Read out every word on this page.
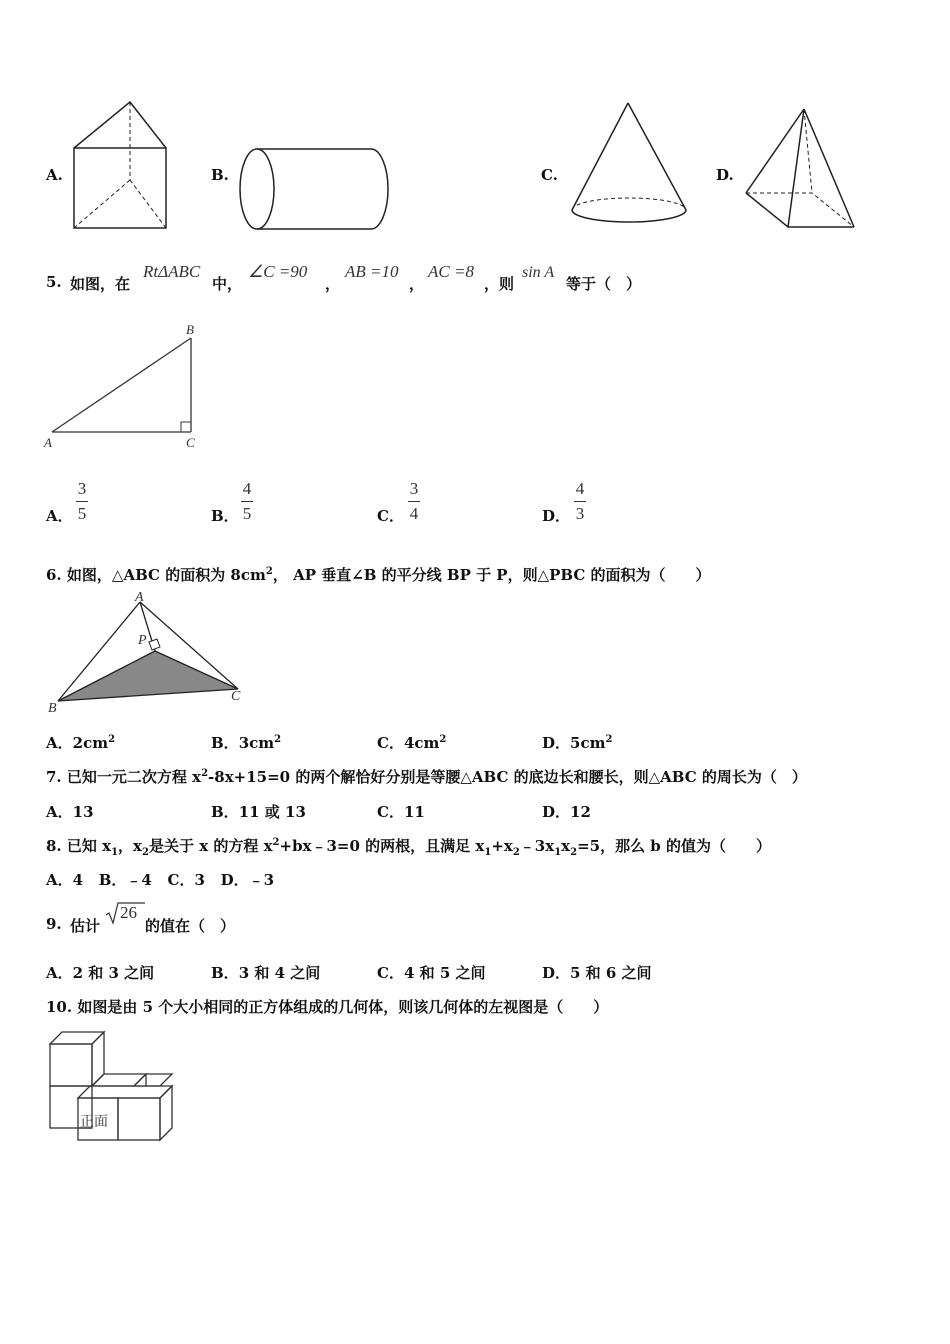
A.	B.	C.	D.
5. 如图，在
RtΔABC
中，
∠C =90
，
AB =10
，
AC =8
，则
sin A
等于（　）
B
A	C
A．
3
5	B．
4
5	C．
3
4	D．
4
3
6. 如图，△ABC 的面积为 $8cm^2$， AP 垂直∠B 的平分线 BP 于 P，则△PBC 的面积为（　　）
A
P
B
C
A．$2cm^2$	B．$3cm^2$	C．$4cm^2$	D．$5cm^2$
7. 已知一元二次方程 $x^2-8x+15=0$ 的两个解恰好分别是等腰△ABC 的底边长和腰长，则△ABC 的周长为（　）
A．13	B．11 或 13	C．11	D．12
8. 已知 $x_1$，$x_2$是关于 x 的方程 $x^2+bx﹣3=0$ 的两根，且满足 $x_1+x_2﹣3x_1x_2=5$，那么 b 的值为（　　）
A．4   B．﹣4   C．3   D．﹣3
9. 估计
26
的值在（　）
A．2 和 3 之间	B．3 和 4 之间	C．4 和 5 之间	D．5 和 6 之间
10. 如图是由 5 个大小相同的正方体组成的几何体，则该几何体的左视图是（　　）
正面
